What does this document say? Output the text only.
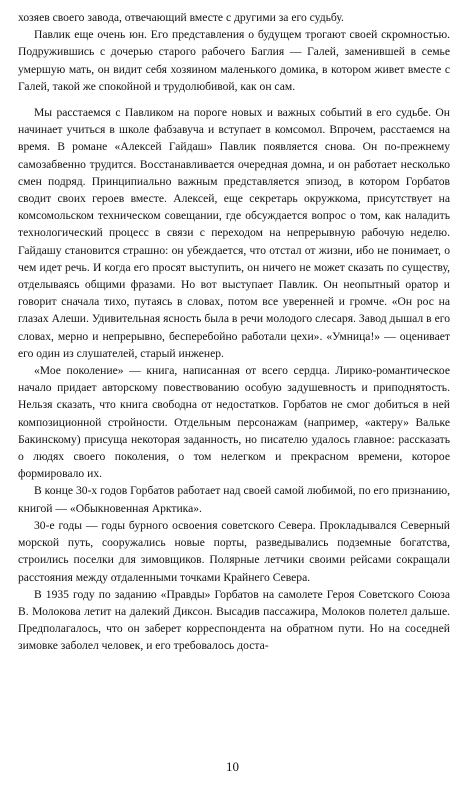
хозяев своего завода, отвечающий вместе с другими за его судьбу.

Павлик еще очень юн. Его представления о будущем трогают своей скромностью. Подружившись с дочерью старого рабочего Баглия — Галей, заменившей в семье умершую мать, он видит себя хозяином маленького домика, в котором живет вместе с Галей, такой же спокойной и трудолюбивой, как он сам.

Мы расстаемся с Павликом на пороге новых и важных событий в его судьбе. Он начинает учиться в школе фабзавуча и вступает в комсомол. Впрочем, расстаемся на время. В романе «Алексей Гайдаш» Павлик появляется снова. Он по-прежнему самозабвенно трудится. Восстанавливается очередная домна, и он работает несколько смен подряд. Принципиально важным представляется эпизод, в котором Горбатов сводит своих героев вместе. Алексей, еще секретарь окружкома, присутствует на комсомольском техническом совещании, где обсуждается вопрос о том, как наладить технологический процесс в связи с переходом на непрерывную рабочую неделю. Гайдашу становится страшно: он убеждается, что отстал от жизни, ибо не понимает, о чем идет речь. И когда его просят выступить, он ничего не может сказать по существу, отделываясь общими фразами. Но вот выступает Павлик. Он неопытный оратор и говорит сначала тихо, путаясь в словах, потом все уверенней и громче. «Он рос на глазах Алеши. Удивительная ясность была в речи молодого слесаря. Завод дышал в его словах, мерно и непрерывно, бесперебойно работали цехи». «Умница!» — оценивает его один из слушателей, старый инженер.

«Мое поколение» — книга, написанная от всего сердца. Лирико-романтическое начало придает авторскому повествованию особую задушевность и приподнятость. Нельзя сказать, что книга свободна от недостатков. Горбатов не смог добиться в ней композиционной стройности. Отдельным персонажам (например, «актеру» Вальке Бакинскому) присуща некоторая заданность, но писателю удалось главное: рассказать о людях своего поколения, о том нелегком и прекрасном времени, которое формировало их.

В конце 30-х годов Горбатов работает над своей самой любимой, по его признанию, книгой — «Обыкновенная Арктика».

30-е годы — годы бурного освоения советского Севера. Прокладывался Северный морской путь, сооружались новые порты, разведывались подземные богатства, строились поселки для зимовщиков. Полярные летчики своими рейсами сокращали расстояния между отдаленными точками Крайнего Севера.

В 1935 году по заданию «Правды» Горбатов на самолете Героя Советского Союза В. Молокова летит на далекий Диксон. Высадив пассажира, Молоков полетел дальше. Предполагалось, что он заберет корреспондента на обратном пути. Но на соседней зимовке заболел человек, и его требовалось доста-

10
